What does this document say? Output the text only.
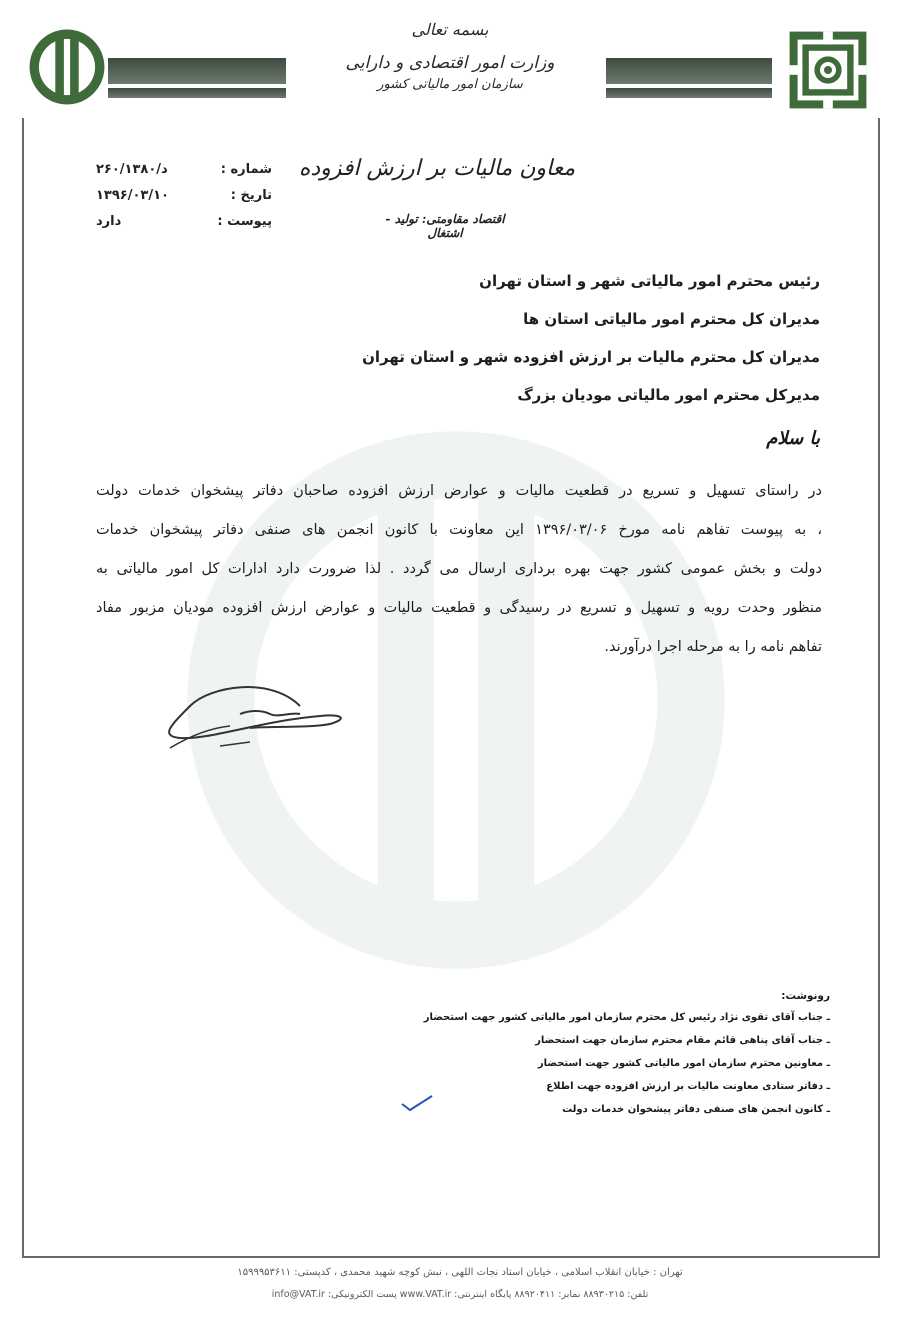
بسمه تعالی
وزارت امور اقتصادی و دارایی
سازمان امور مالیاتی کشور
معاون مالیات بر ارزش افزوده
اقتصاد مقاومتی: تولید - اشتغال
شماره :
د/۲۶۰/۱۳۸۰
تاریخ :
۱۳۹۶/۰۳/۱۰
پیوست :
دارد
رئیس محترم امور مالیاتی شهر و استان تهران
مدیران کل محترم امور مالیاتی استان ها
مدیران کل محترم مالیات بر ارزش افزوده شهر و استان تهران
مدیرکل محترم امور مالیاتی مودیان بزرگ
با سلام
در راستای تسهیل و تسریع در قطعیت مالیات و عوارض ارزش افزوده صاحبان دفاتر پیشخوان خدمات دولت
، به پیوست تفاهم نامه مورخ ۱۳۹۶/۰۳/۰۶ این معاونت با کانون انجمن های صنفی دفاتر پیشخوان خدمات
دولت و بخش عمومی کشور جهت بهره برداری ارسال می گردد . لذا ضرورت دارد ادارات کل امور مالیاتی به
منظور وحدت رویه و تسهیل و تسریع در رسیدگی و قطعیت مالیات و عوارض ارزش افزوده مودیان مزبور مفاد
تفاهم نامه را به مرحله اجرا درآورند.
رونوشت:
ـ جناب آقای تقوی نژاد رئیس کل محترم سازمان امور مالیاتی کشور جهت استحضار
ـ جناب آقای پناهی قائم مقام محترم سازمان جهت استحضار
ـ معاونین محترم سازمان امور مالیاتی کشور جهت استحضار
ـ دفاتر ستادی معاونت مالیات بر ارزش افزوده جهت اطلاع
ـ کانون انجمن های صنفی دفاتر پیشخوان خدمات دولت
تهران : خیابان انقلاب اسلامی ، خیابان استاد نجات اللهی ، نبش کوچه شهید محمدی ، کدپستی: ۱۵۹۹۹۵۳۶۱۱
تلفن: ۸۸۹۳۰۲۱۵ نمابر: ۸۸۹۲۰۴۱۱ پایگاه اینترنتی: www.VAT.ir پست الکترونیکی: info@VAT.ir
